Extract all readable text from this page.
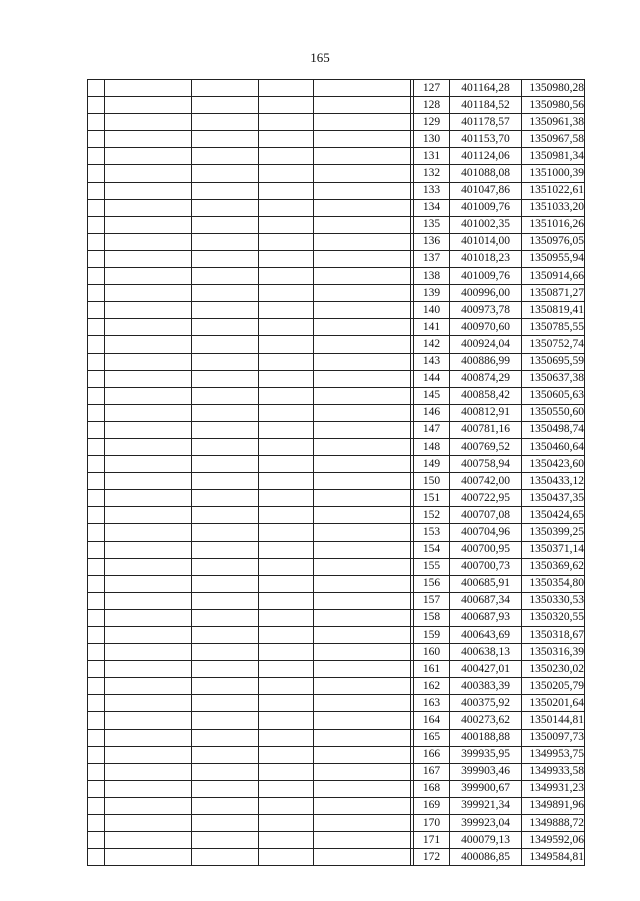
165
						127	401164,28	1350980,28
						128	401184,52	1350980,56
						129	401178,57	1350961,38
						130	401153,70	1350967,58
						131	401124,06	1350981,34
						132	401088,08	1351000,39
						133	401047,86	1351022,61
						134	401009,76	1351033,20
						135	401002,35	1351016,26
						136	401014,00	1350976,05
						137	401018,23	1350955,94
						138	401009,76	1350914,66
						139	400996,00	1350871,27
						140	400973,78	1350819,41
						141	400970,60	1350785,55
						142	400924,04	1350752,74
						143	400886,99	1350695,59
						144	400874,29	1350637,38
						145	400858,42	1350605,63
						146	400812,91	1350550,60
						147	400781,16	1350498,74
						148	400769,52	1350460,64
						149	400758,94	1350423,60
						150	400742,00	1350433,12
						151	400722,95	1350437,35
						152	400707,08	1350424,65
						153	400704,96	1350399,25
						154	400700,95	1350371,14
						155	400700,73	1350369,62
						156	400685,91	1350354,80
						157	400687,34	1350330,53
						158	400687,93	1350320,55
						159	400643,69	1350318,67
						160	400638,13	1350316,39
						161	400427,01	1350230,02
						162	400383,39	1350205,79
						163	400375,92	1350201,64
						164	400273,62	1350144,81
						165	400188,88	1350097,73
						166	399935,95	1349953,75
						167	399903,46	1349933,58
						168	399900,67	1349931,23
						169	399921,34	1349891,96
						170	399923,04	1349888,72
						171	400079,13	1349592,06
						172	400086,85	1349584,81
